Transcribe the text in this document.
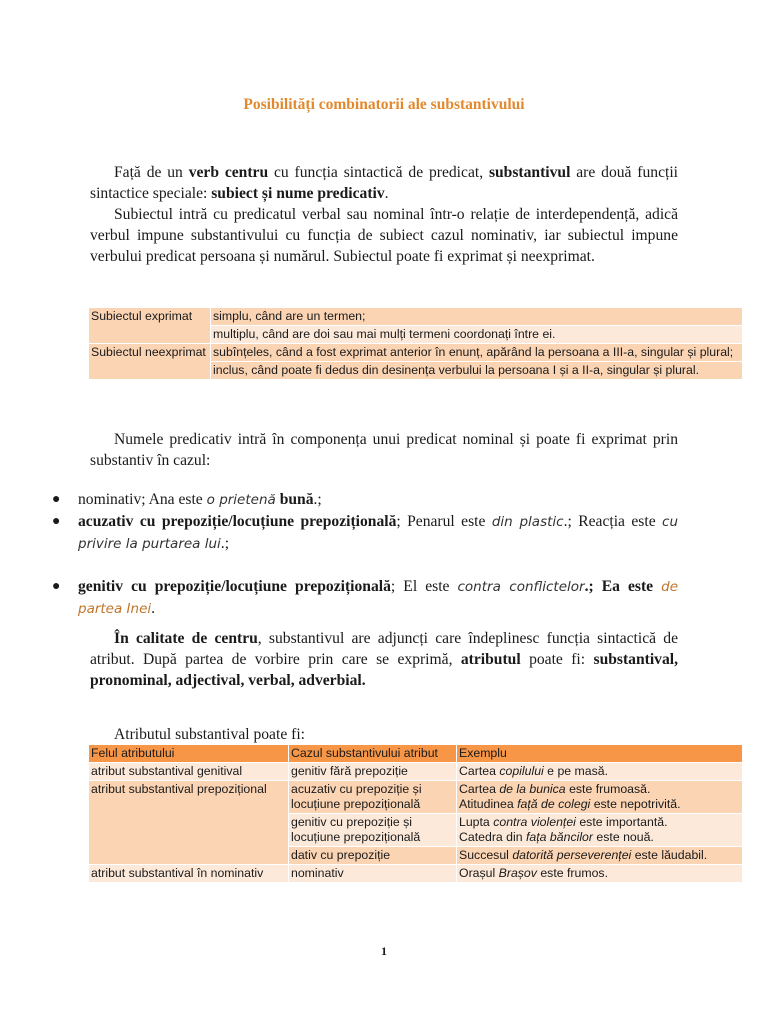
Posibilități combinatorii ale substantivului

Față de un verb centru cu funcția sintactică de predicat, substantivul are două funcții sintactice speciale: subiect și nume predicativ.

Subiectul intră cu predicatul verbal sau nominal într-o relație de interdependență, adică verbul impune substantivului cu funcția de subiect cazul nominativ, iar subiectul impune verbului predicat persoana și numărul. Subiectul poate fi exprimat și neexprimat.

Subiectul exprimat	simplu, când are un termen;
	multiplu, când are doi sau mai mulți termeni coordonați între ei.
Subiectul neexprimat	subînțeles, când a fost exprimat anterior în enunț, apărând la persoana a III-a, singular și plural;
	inclus, când poate fi dedus din desinența verbului la persoana I și a II-a, singular și plural.

Numele predicativ intră în componența unui predicat nominal și poate fi exprimat prin substantiv în cazul:

● nominativ; Ana este o prietenă bună.;
● acuzativ cu prepoziție/locuțiune prepozițională; Penarul este din plastic.; Reacția este cu privire la purtarea lui.;
● genitiv cu prepoziție/locuțiune prepozițională; El este contra conflictelor.; Ea este de partea Inei.

În calitate de centru, substantivul are adjuncți care îndeplinesc funcția sintactică de atribut. După partea de vorbire prin care se exprimă, atributul poate fi: substantival, pronominal, adjectival, verbal, adverbial.

Atributul substantival poate fi:

Felul atributului	Cazul substantivului atribut	Exemplu
atribut substantival genitival	genitiv fără prepoziție	Cartea copilului e pe masă.
atribut substantival prepozițional	acuzativ cu prepoziție și locuțiune prepozițională	Cartea de la bunica este frumoasă.
Atitudinea față de colegi este nepotrivită.
	genitiv cu prepoziție și locuțiune prepozițională	Lupta contra violenței este importantă.
Catedra din fața băncilor este nouă.
	dativ cu prepoziție	Succesul datorită perseverenței este lăudabil.
atribut substantival în nominativ	nominativ	Orașul Brașov este frumos.
1
